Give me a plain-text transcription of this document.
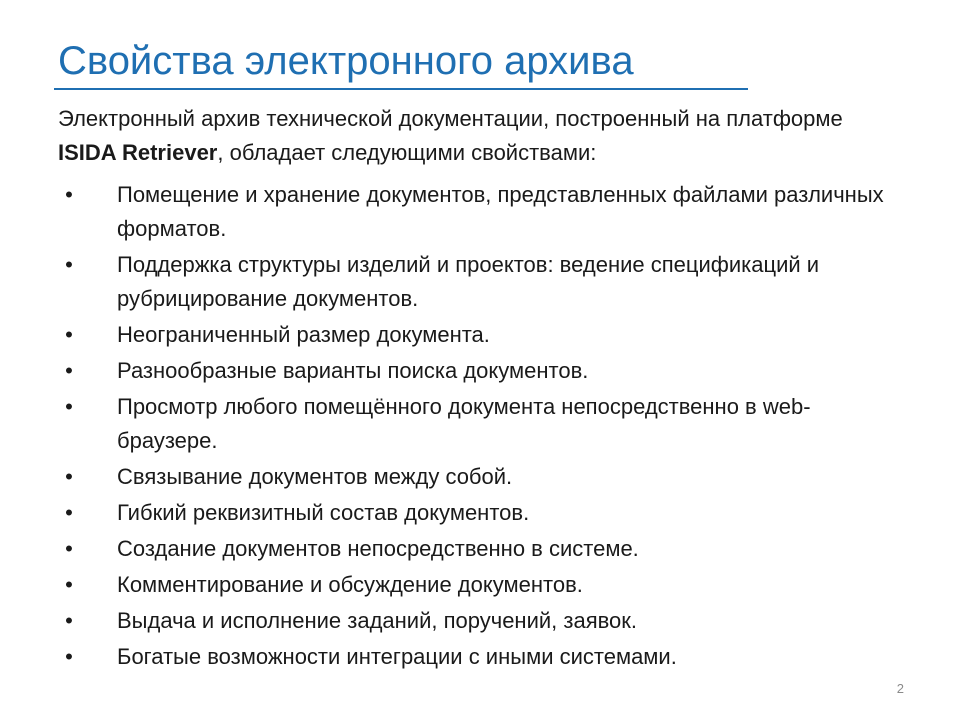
Свойства электронного архива
Электронный архив технической документации, построенный на платформе ISIDA Retriever, обладает следующими свойствами:
• Помещение и хранение документов, представленных файлами различных форматов.
• Поддержка структуры изделий и проектов: ведение спецификаций и рубрицирование документов.
• Неограниченный размер документа.
• Разнообразные варианты поиска документов.
• Просмотр любого помещённого документа непосредственно в web-браузере.
• Связывание документов между собой.
• Гибкий реквизитный состав документов.
• Создание документов непосредственно в системе.
• Комментирование и обсуждение документов.
• Выдача и исполнение заданий, поручений, заявок.
• Богатые возможности интеграции с иными системами.
2
